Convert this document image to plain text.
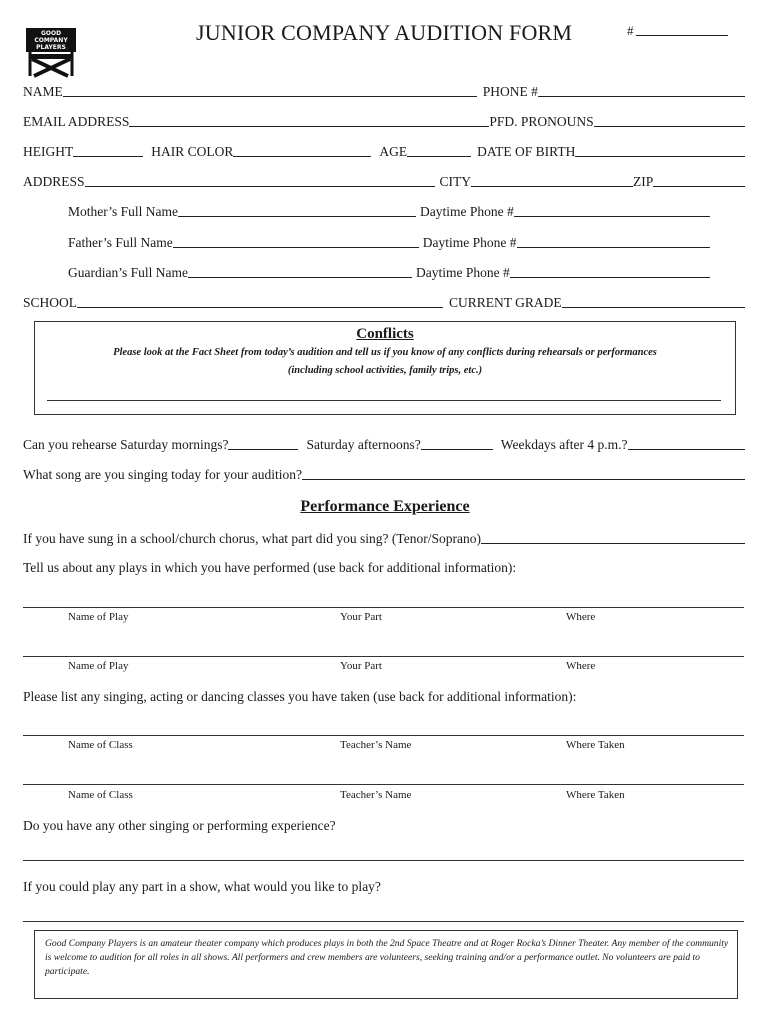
GOOD
COMPANY
PLAYERS
JUNIOR COMPANY AUDITION FORM	#
NAME	PHONE #
EMAIL ADDRESS	PFD. PRONOUNS
HEIGHT	HAIR COLOR	AGE	DATE OF BIRTH
ADDRESS	CITY	ZIP
Mother’s Full Name	Daytime Phone #
Father’s Full Name	Daytime Phone #
Guardian’s Full Name	Daytime Phone #
SCHOOL	CURRENT GRADE
Conflicts
Please look at the Fact Sheet from today’s audition and tell us if you know of any conflicts during rehearsals or performances
(including school activities, family trips, etc.)
Can you rehearse Saturday mornings?	Saturday afternoons?	Weekdays after 4 p.m.?
What song are you singing today for your audition?
Performance Experience
If you have sung in a school/church chorus, what part did you sing? (Tenor/Soprano)
Tell us about any plays in which you have performed (use back for additional information):
Name of Play	Your Part	Where
Name of Play	Your Part	Where
Please list any singing, acting or dancing classes you have taken (use back for additional information):
Name of Class	Teacher’s Name	Where Taken
Name of Class	Teacher’s Name	Where Taken
Do you have any other singing or performing experience?
If you could play any part in a show, what would you like to play?
Good Company Players is an amateur theater company which produces plays in both the 2nd Space Theatre and at Roger Rocka’s Dinner Theater. Any member of the community is welcome to audition for all roles in all shows. All performers and crew members are volunteers, seeking training and/or a performance outlet. No volunteers are paid to participate.
